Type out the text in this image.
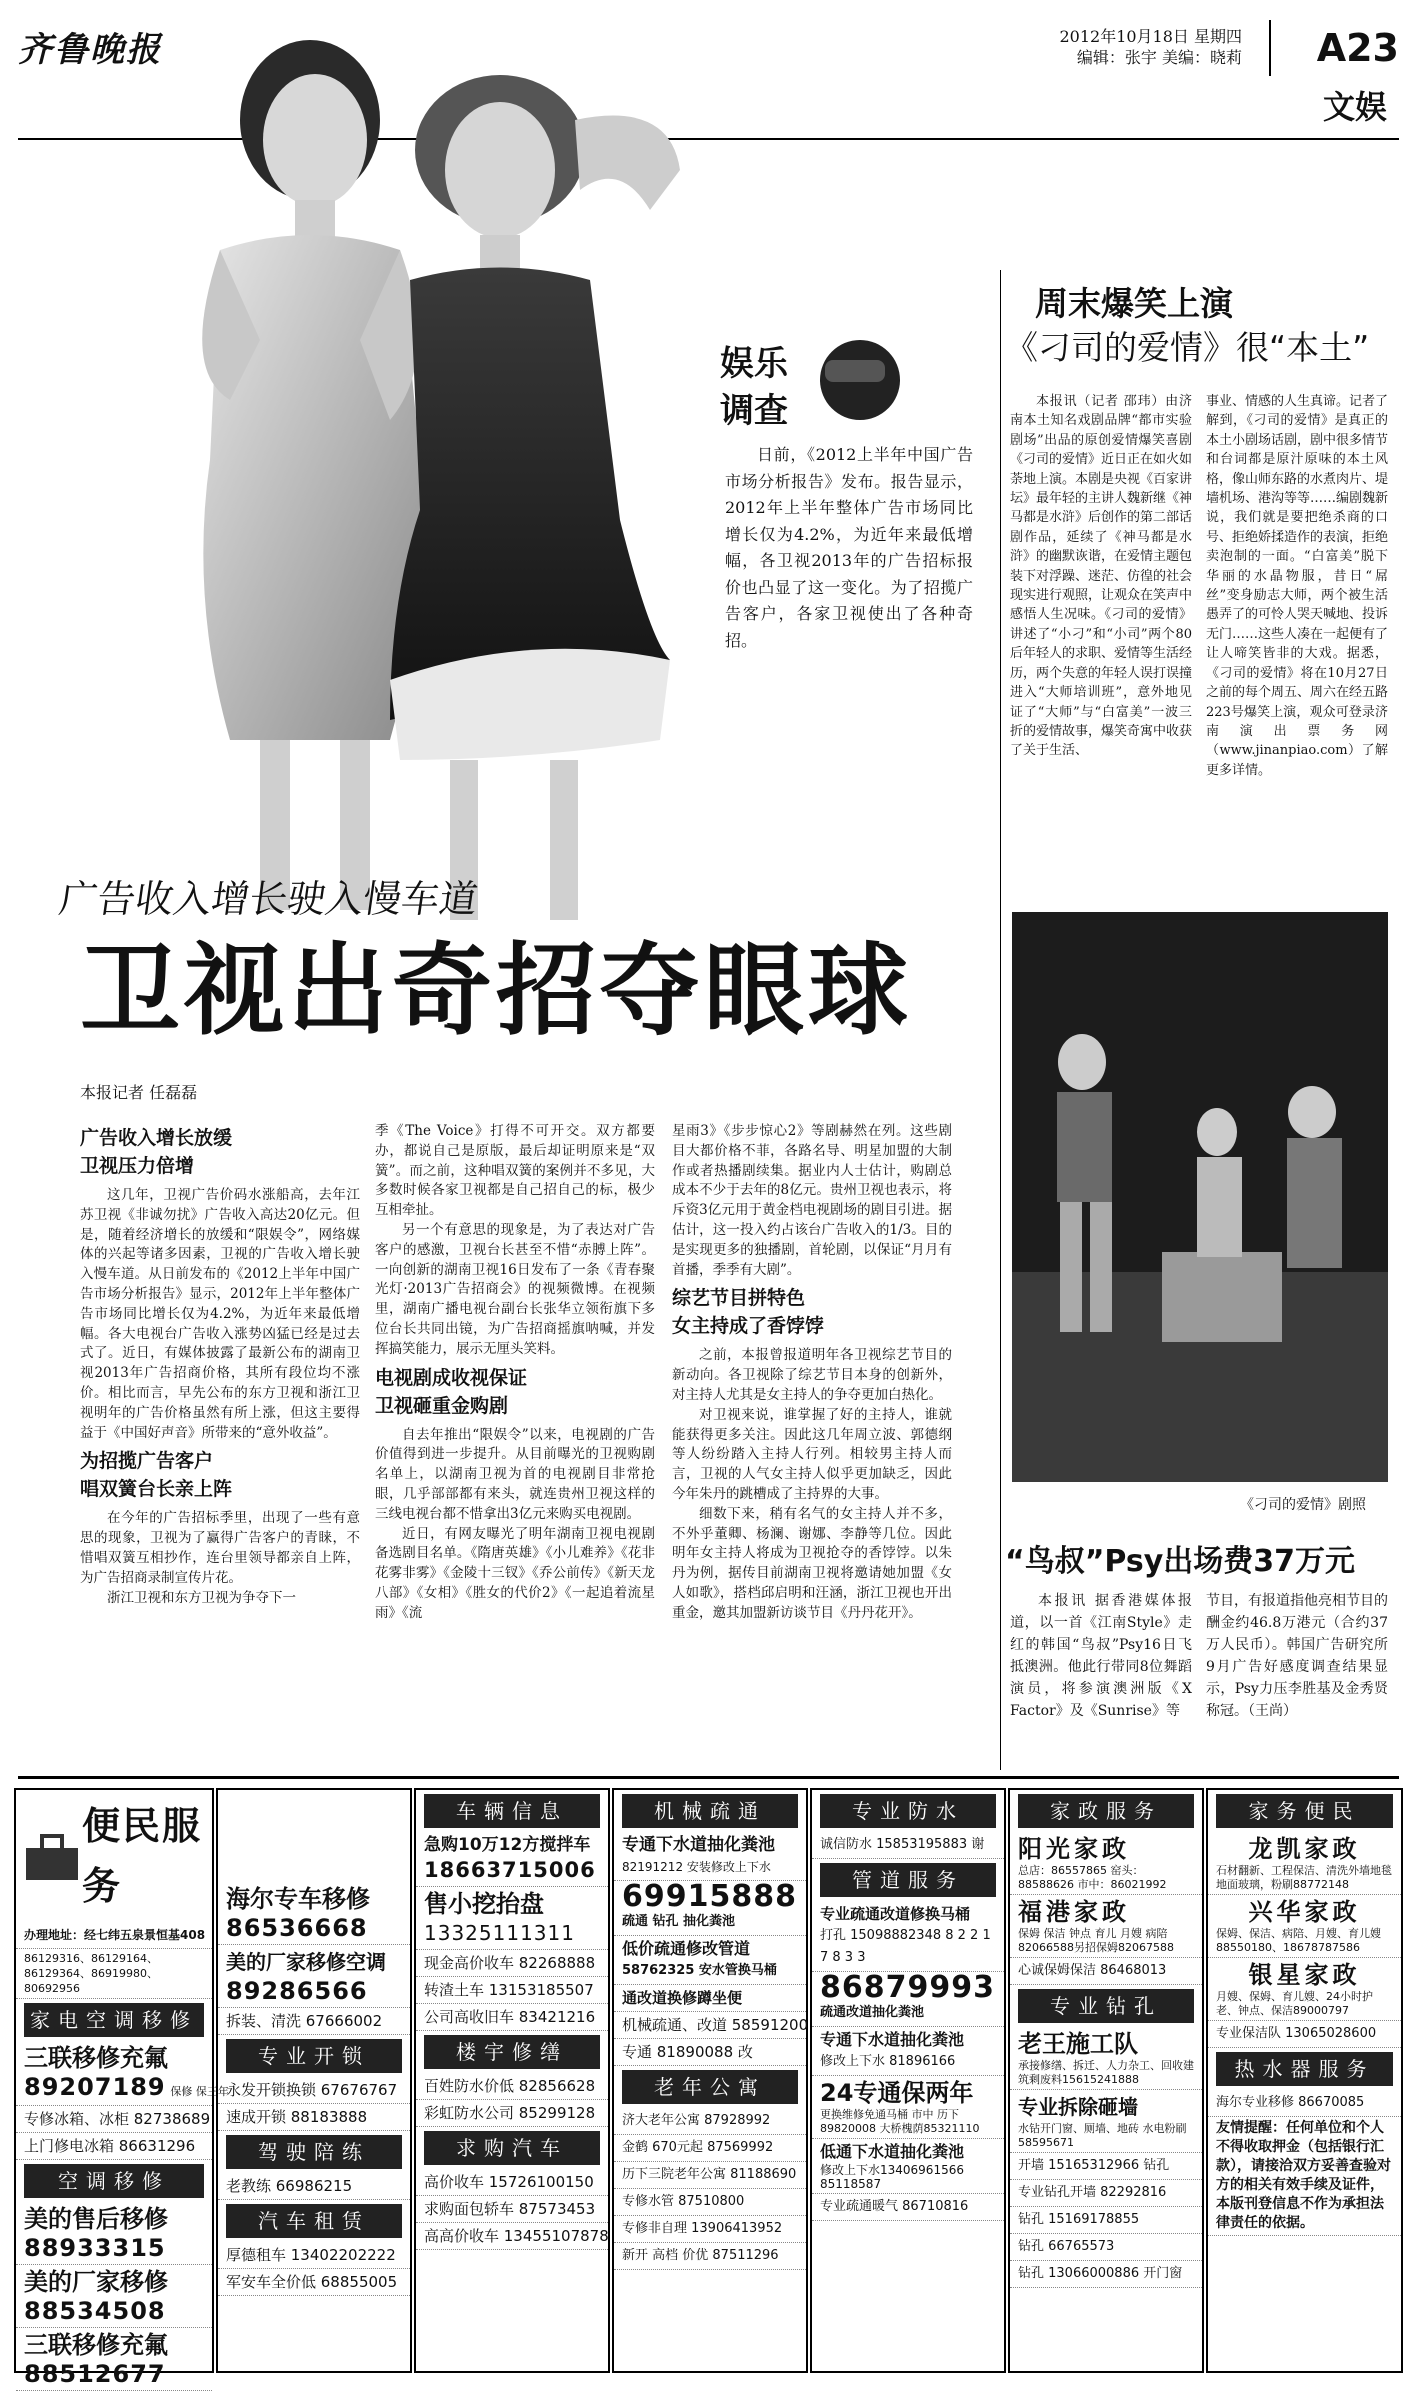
齐鲁晚报	2012年10月18日 星期四
编辑：张宇 美编：晓莉	A23
文娱
娱乐
调查

日前，《2012上半年中国广告市场分析报告》发布。报告显示，2012年上半年整体广告市场同比增长仅为4.2%，为近年来最低增幅，各卫视2013年的广告招标报价也凸显了这一变化。为了招揽广告客户，各家卫视使出了各种奇招。

广告收入增长驶入慢车道
卫视出奇招夺眼球
本报记者 任磊磊
广告收入增长放缓
卫视压力倍增

这几年，卫视广告价码水涨船高，去年江苏卫视《非诚勿扰》广告收入高达20亿元。但是，随着经济增长的放缓和“限娱令”，网络媒体的兴起等诸多因素，卫视的广告收入增长驶入慢车道。从日前发布的《2012上半年中国广告市场分析报告》显示，2012年上半年整体广告市场同比增长仅为4.2%，为近年来最低增幅。各大电视台广告收入涨势凶猛已经是过去式了。近日，有媒体披露了最新公布的湖南卫视2013年广告招商价格，其所有段位均不涨价。相比而言，早先公布的东方卫视和浙江卫视明年的广告价格虽然有所上涨，但这主要得益于《中国好声音》所带来的“意外收益”。

为招揽广告客户
唱双簧台长亲上阵

在今年的广告招标季里，出现了一些有意思的现象，卫视为了赢得广告客户的青睐，不惜唱双簧互相抄作，连台里领导都亲自上阵，为广告招商录制宣传片花。

浙江卫视和东方卫视为争夺下一

季《The Voice》打得不可开交。双方都要办，都说自己是原版，最后却证明原来是“双簧”。而之前，这种唱双簧的案例并不多见，大多数时候各家卫视都是自己招自己的标，极少互相牵扯。

另一个有意思的现象是，为了表达对广告客户的感激，卫视台长甚至不惜“赤膊上阵”。一向创新的湖南卫视16日发布了一条《青春聚光灯·2013广告招商会》的视频微博。在视频里，湖南广播电视台副台长张华立领衔旗下多位台长共同出镜，为广告招商摇旗呐喊，并发挥搞笑能力，展示无厘头笑料。

电视剧成收视保证
卫视砸重金购剧

自去年推出“限娱令”以来，电视剧的广告价值得到进一步提升。从目前曝光的卫视购剧名单上，以湖南卫视为首的电视剧目非常抢眼，几乎部部都有来头，就连贵州卫视这样的三线电视台都不惜拿出3亿元来购买电视剧。

近日，有网友曝光了明年湖南卫视电视剧备选剧目名单。《隋唐英雄》《小儿难养》《花非花雾非雾》《金陵十三钗》《乔公前传》《新天龙八部》《女相》《胜女的代价2》《一起追着流星雨》《流

星雨3》《步步惊心2》等剧赫然在列。这些剧目大都价格不菲，各路名导、明星加盟的大制作或者热播剧续集。据业内人士估计，购剧总成本不少于去年的8亿元。贵州卫视也表示，将斥资3亿元用于黄金档电视剧场的剧目引进。据估计，这一投入约占该台广告收入的1/3。目的是实现更多的独播剧，首轮剧，以保证“月月有首播，季季有大剧”。

综艺节目拼特色
女主持成了香饽饽

之前，本报曾报道明年各卫视综艺节目的新动向。各卫视除了综艺节目本身的创新外，对主持人尤其是女主持人的争夺更加白热化。

对卫视来说，谁掌握了好的主持人，谁就能获得更多关注。因此这几年周立波、郭德纲等人纷纷踏入主持人行列。相较男主持人而言，卫视的人气女主持人似乎更加缺乏，因此今年朱丹的跳槽成了主持界的大事。

细数下来，稍有名气的女主持人并不多，不外乎董卿、杨澜、谢娜、李静等几位。因此明年女主持人将成为卫视抢夺的香饽饽。以朱丹为例，据传目前湖南卫视将邀请她加盟《女人如歌》，搭档邱启明和汪涵，浙江卫视也开出重金，邀其加盟新访谈节目《丹丹花开》。

周末爆笑上演
《刁司的爱情》很“本土”

本报讯（记者 邵玮）由济南本土知名戏剧品牌“都市实验剧场”出品的原创爱情爆笑喜剧《刁司的爱情》近日正在如火如荼地上演。本剧是央视《百家讲坛》最年轻的主讲人魏新继《神马都是水浒》后创作的第二部话剧作品，延续了《神马都是水浒》的幽默诙谐，在爱情主题包装下对浮躁、迷茫、仿徨的社会现实进行观照，让观众在笑声中感悟人生况味。《刁司的爱情》讲述了“小刁”和“小司”两个80后年轻人的求职、爱情等生活经历，两个失意的年轻人误打误撞进入“大师培训班”，意外地见证了“大师”与“白富美”一波三折的爱情故事，爆笑奇寓中收获了关于生活、

事业、情感的人生真谛。记者了解到，《刁司的爱情》是真正的本土小剧场话剧，剧中很多情节和台词都是原汁原味的本土风格，像山师东路的水煮肉片、堤墙机场、港沟等等……编剧魏新说，我们就是要把绝杀商的口号、拒绝娇揉造作的表演，拒绝卖泡制的一面。“白富美”脱下华丽的水晶物服，昔日“屌丝”变身励志大师，两个被生活愚弄了的可怜人哭天喊地、投诉无门……这些人凑在一起便有了让人啼笑皆非的大戏。据悉，《刁司的爱情》将在10月27日之前的每个周五、周六在经五路223号爆笑上演，观众可登录济南演出票务网（www.jinanpiao.com）了解更多详情。

《刁司的爱情》剧照
“鸟叔”Psy出场费37万元

本报讯 据香港媒体报道，以一首《江南Style》走红的韩国“鸟叔”Psy16日飞抵澳洲。他此行带同8位舞蹈演员，将参演澳洲版《X Factor》及《Sunrise》等

节目，有报道指他亮相节目的酬金约46.8万港元（合约37万人民币）。韩国广告研究所9月广告好感度调查结果显示，Psy力压李胜基及金秀贤称冠。（王尚）

便民服务
办理地址：经七纬五泉景恒基408
86129316、86129164、86129364、86919980、80692956
家电空调移修
三联移修充氟
89207189 保修 保三年
专修冰箱、冰柜 82738689
上门修电冰箱 86631296
空调移修
美的售后移修
88933315
美的厂家移修
88534508
三联移修充氟
88512677
海尔专车移修
86536668
美的厂家移修空调
89286566
拆装、清洗 67666002
专业开锁
永发开锁换锁 67676767
速成开锁 88183888
驾驶陪练
老教练 66986215
汽车租赁
厚德租车 13402202222
军安车全价低 68855005
车辆信息
急购10万12方搅拌车
18663715006
售小挖抬盘
13325111311
现金高价收车 82268888
转渣土车 13153185507
公司高收旧车 83421216
楼宇修缮
百姓防水价低 82856628
彩虹防水公司 85299128
求购汽车
高价收车 15726100150
求购面包轿车 87573453
高高价收车 13455107878
机械疏通
专通下水道抽化粪池
82191212 安装修改上下水
69915888
疏通 钻孔 抽化粪池
低价疏通修改管道
58762325 安水管换马桶
通改道换修蹲坐便
机械疏通、改道 58591200
专通 81890088 改
老年公寓
济大老年公寓 87928992
金鹤 670元起 87569992
历下三院老年公寓 81188690
专修水管 87510800
专修非自理 13906413952
新开 高档 价优 87511296
专业防水
诚信防水 15853195883 谢
管道服务
专业疏通改道修换马桶
打孔 15098882348 8 2 2 1 7 8 3 3
86879993
疏通改道抽化粪池
专通下水道抽化粪池
修改上下水 81896166
24专通保两年
更换维修免通马桶 市中 历下 89820008 大桥槐荫85321110
低通下水道抽化粪池
修改上下水13406961566 85118587
专业疏通暖气 86710816
家政服务
阳光家政
总店：86557865 窑头：88588626 市中：86021992
福港家政
保姆 保洁 钟点 育儿 月嫂 病陪 82066588另招保姆82067588
心诚保姆保洁 86468013
专业钻孔
老王施工队
承接修缮、拆迁、人力杂工、回收建筑剩废料15615241888
专业拆除砸墙
水钻开门窗、厕墙、地砖 水电粉刷 58595671
开墙 15165312966 钻孔
专业钻孔开墙 82292816
钻孔 15169178855
钻孔 66765573
钻孔 13066000886 开门窗
家务便民
龙凯家政
石材翻新、工程保洁、清洗外墙地毯地面玻璃，粉刷88772148
兴华家政
保姆、保洁、病陪、月嫂、育儿嫂 88550180、18678787586
银星家政
月嫂、保姆、育儿嫂、24小时护老、钟点、保洁89000797
专业保洁队 13065028600
热水器服务
海尔专业移修 86670085
友情提醒：任何单位和个人不得收取押金（包括银行汇款），请接洽双方妥善查验对方的相关有效手续及证件，本版刊登信息不作为承担法律责任的依据。
